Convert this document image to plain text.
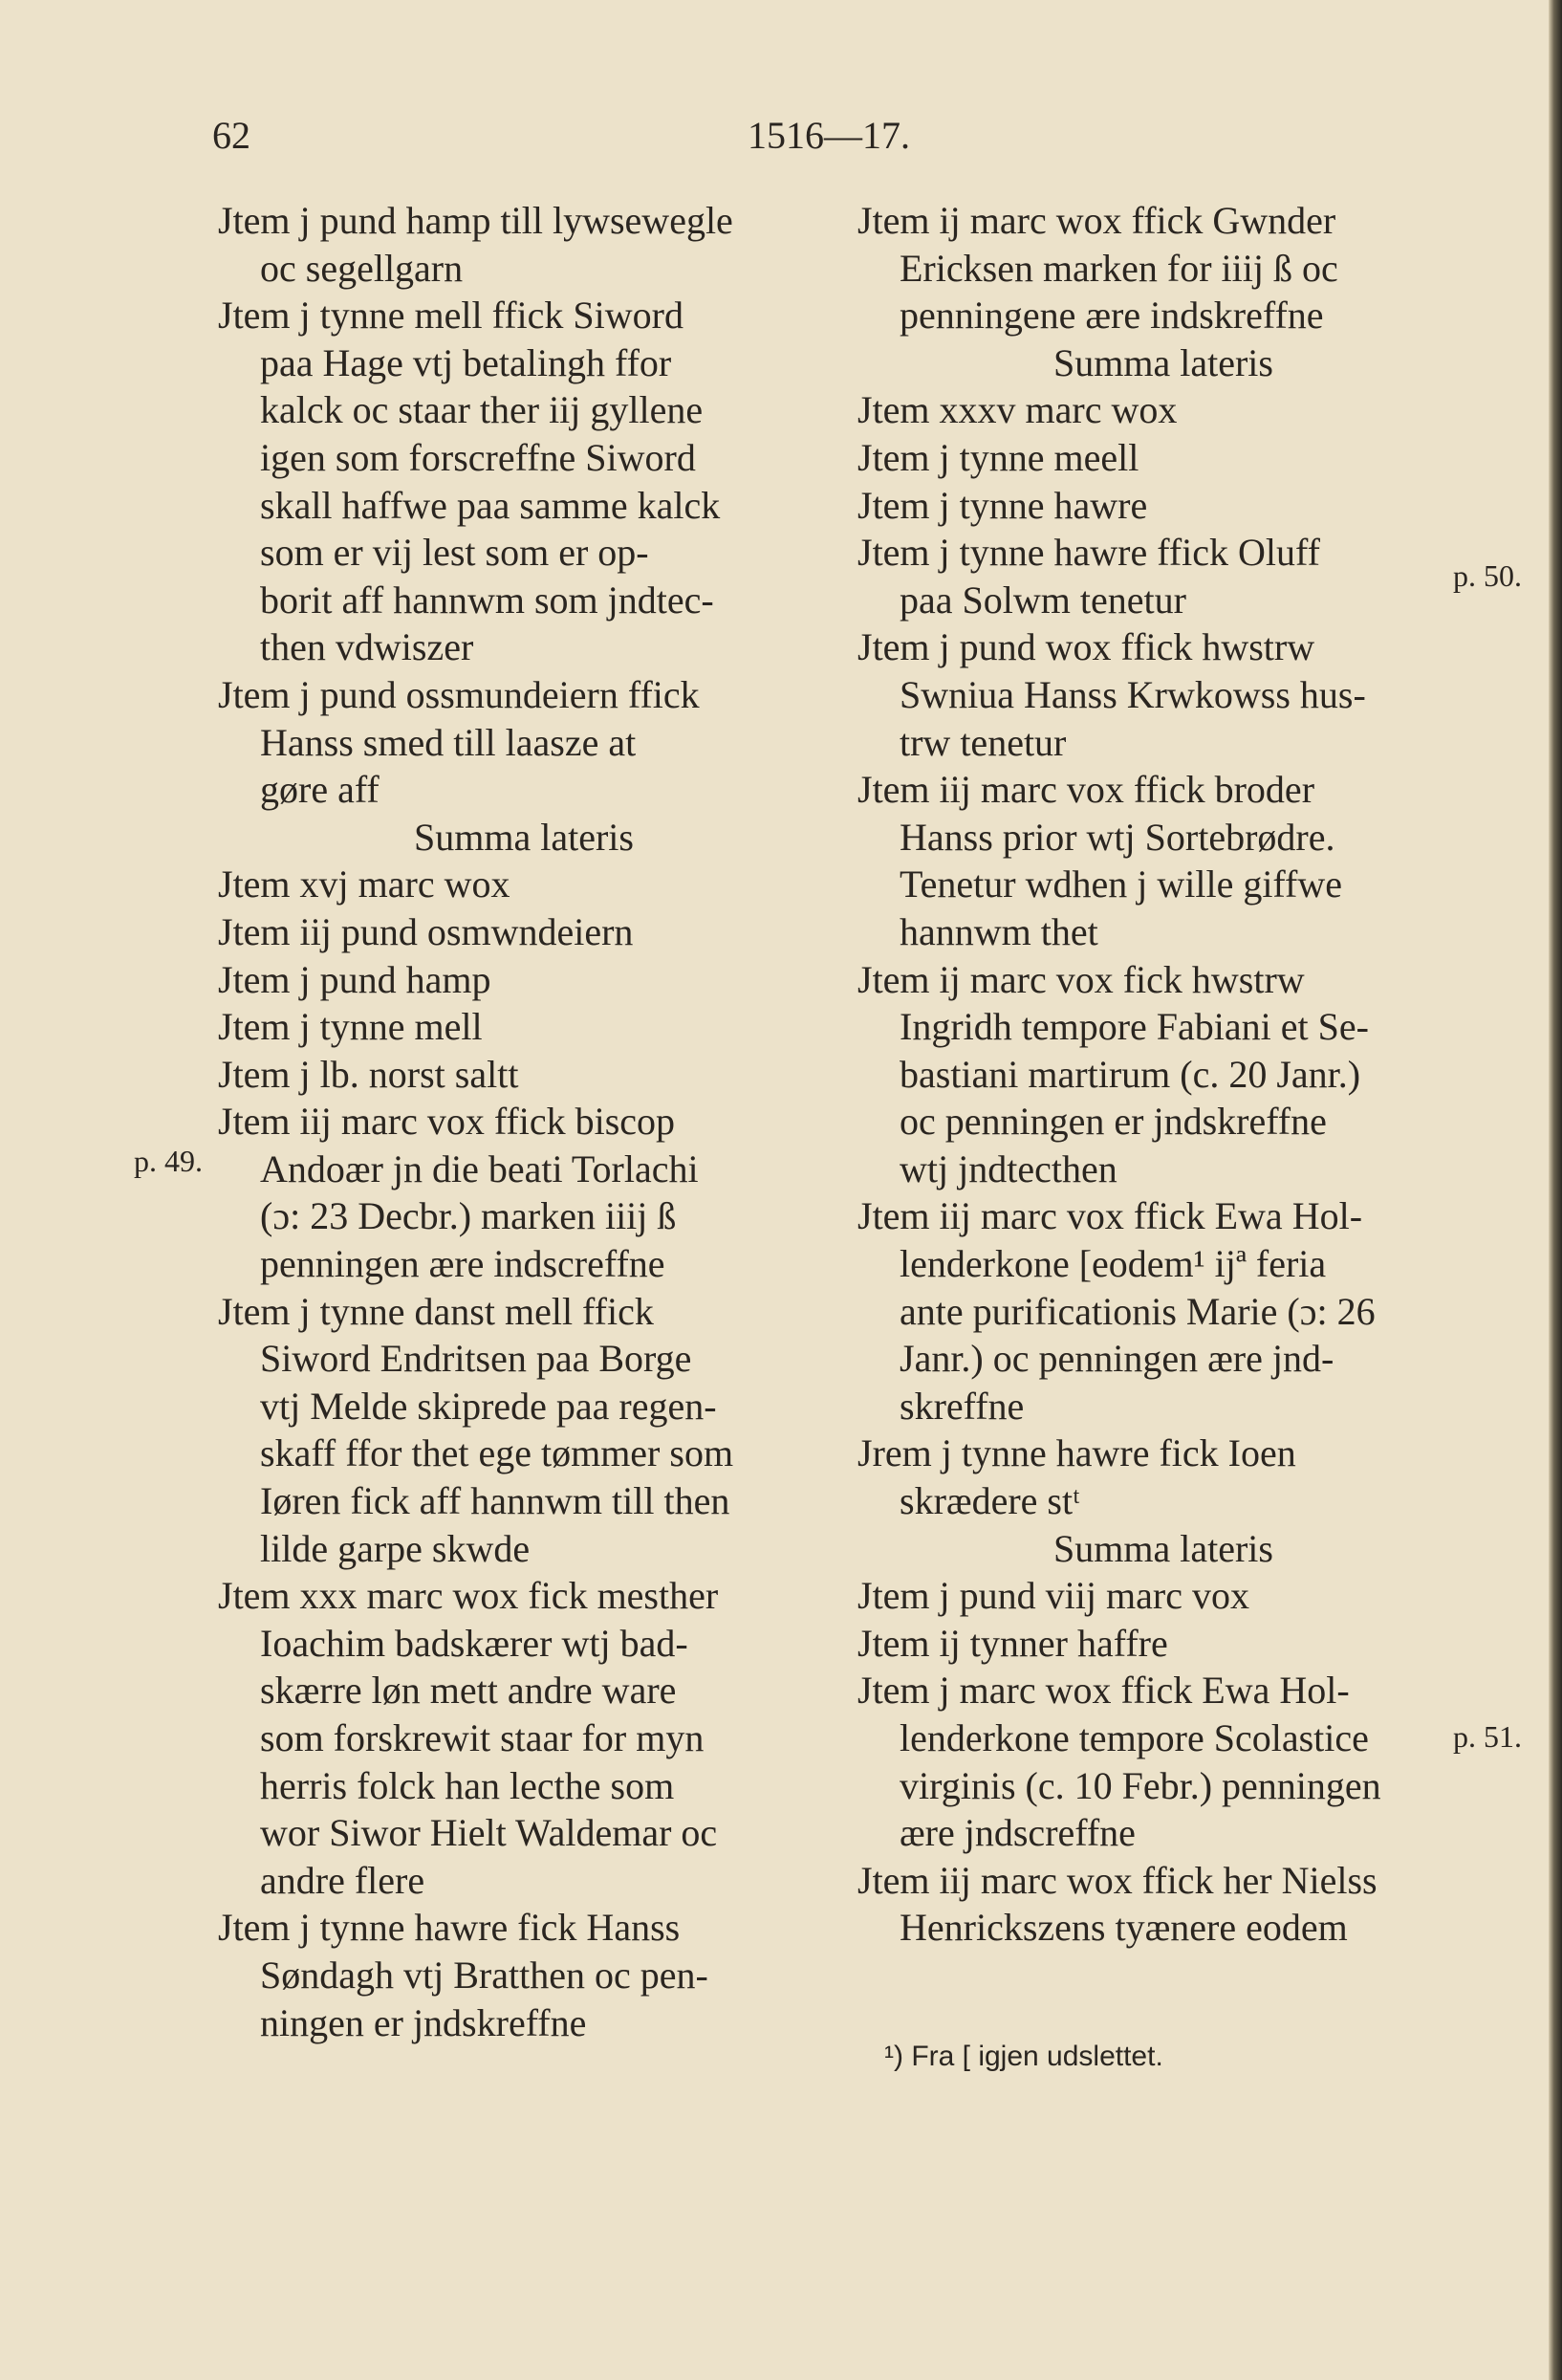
62	1516—17.
Jtem j pund hamp till lywsewegle
oc segellgarn
Jtem j tynne mell ffick Siword
paa Hage vtj betalingh ffor
kalck oc staar ther iij gyllene
igen som forscreffne Siword
skall haffwe paa samme kalck
som er vij lest som er op-
borit aff hannwm som jndtec-
then vdwiszer
Jtem j pund ossmundeiern ffick
Hanss smed till laasze at
gøre aff
Summa lateris
Jtem xvj marc wox
Jtem iij pund osmwndeiern
Jtem j pund hamp
Jtem j tynne mell
Jtem j lb. norst saltt
Jtem iij marc vox ffick biscop
Andoær jn die beati Torlachi
(ɔ: 23 Decbr.) marken iiij ß
penningen ære indscreffne
Jtem j tynne danst mell ffick
Siword Endritsen paa Borge
vtj Melde skiprede paa regen-
skaff ffor thet ege tømmer som
Iøren fick aff hannwm till then
lilde garpe skwde
Jtem xxx marc wox fick mesther
Ioachim badskærer wtj bad-
skærre løn mett andre ware
som forskrewit staar for myn
herris folck han lecthe som
wor Siwor Hielt Waldemar oc
andre flere
Jtem j tynne hawre fick Hanss
Søndagh vtj Bratthen oc pen-
ningen er jndskreffne
Jtem ij marc wox ffick Gwnder
Ericksen marken for iiij ß oc
penningene ære indskreffne
Summa lateris
Jtem xxxv marc wox
Jtem j tynne meell
Jtem j tynne hawre
Jtem j tynne hawre ffick Oluff
paa Solwm tenetur
Jtem j pund wox ffick hwstrw
Swniua Hanss Krwkowss hus-
trw tenetur
Jtem iij marc vox ffick broder
Hanss prior wtj Sortebrødre.
Tenetur wdhen j wille giffwe
hannwm thet
Jtem ij marc vox fick hwstrw
Ingridh tempore Fabiani et Se-
bastiani martirum (c. 20 Janr.)
oc penningen er jndskreffne
wtj jndtecthen
Jtem iij marc vox ffick Ewa Hol-
lenderkone [eodem¹ ijª feria
ante purificationis Marie (ɔ: 26
Janr.) oc penningen ære jnd-
skreffne
Jrem j tynne hawre fick Ioen
skrædere stᵗ
Summa lateris
Jtem j pund viij marc vox
Jtem ij tynner haffre
Jtem j marc wox ffick Ewa Hol-
lenderkone tempore Scolastice
virginis (c. 10 Febr.) penningen
ære jndscreffne
Jtem iij marc wox ffick her Nielss
Henrickszens tyænere eodem
p. 49.
p. 50.
p. 51.
¹) Fra [ igjen udslettet.
